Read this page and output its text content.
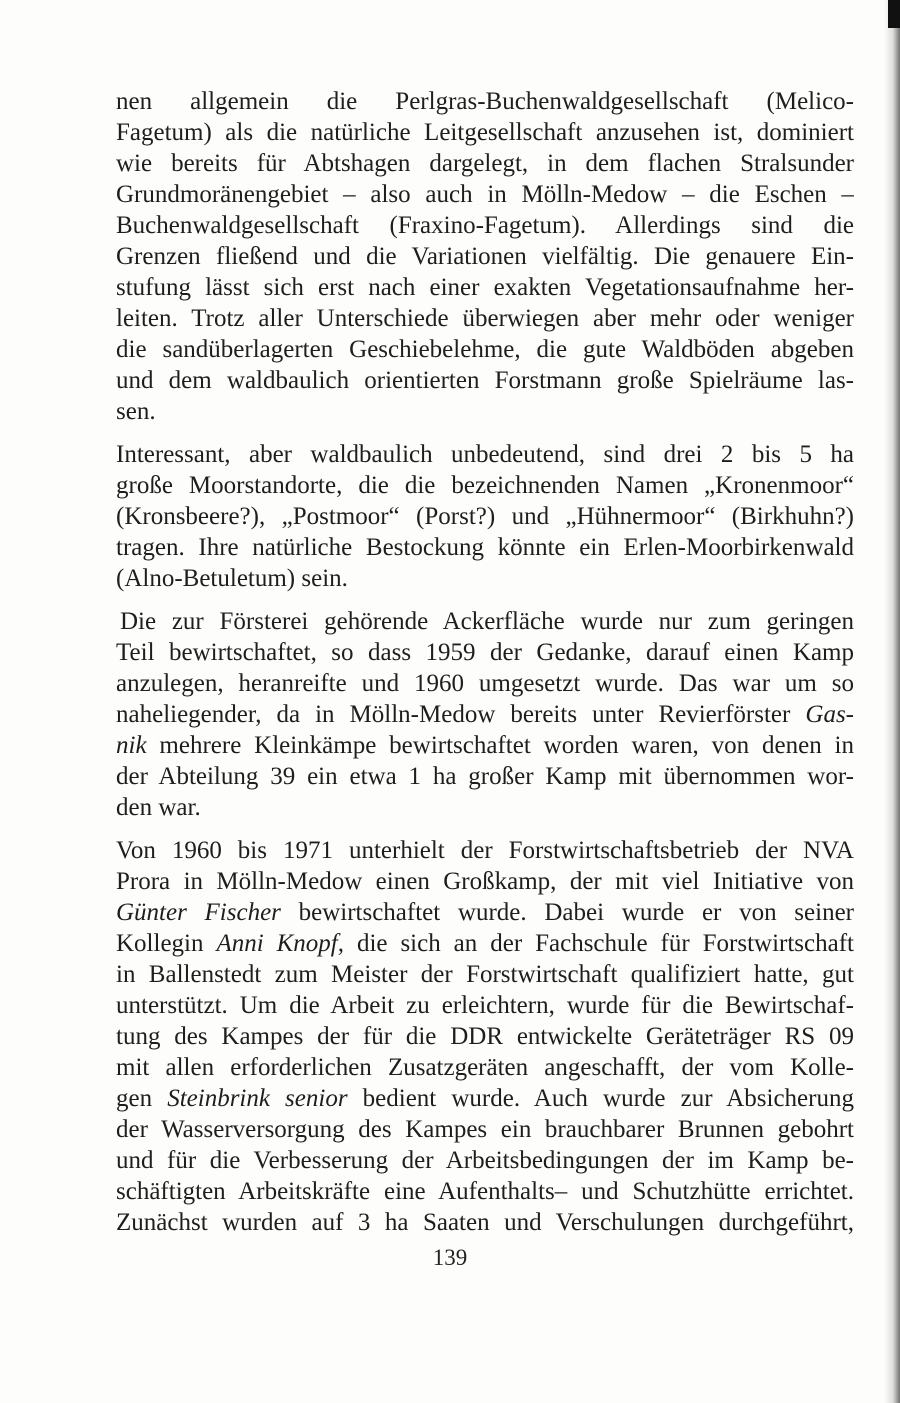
nen allgemein die Perlgras-Buchenwaldgesellschaft (Melico-
Fagetum) als die natürliche Leitgesellschaft anzusehen ist, dominiert
wie bereits für Abtshagen dargelegt, in dem flachen Stralsunder
Grundmoränengebiet – also auch in Mölln-Medow – die Eschen –
Buchenwaldgesellschaft (Fraxino-Fagetum). Allerdings sind die
Grenzen fließend und die Variationen vielfältig. Die genauere Ein-
stufung lässt sich erst nach einer exakten Vegetationsaufnahme her-
leiten. Trotz aller Unterschiede überwiegen aber mehr oder weniger
die sandüberlagerten Geschiebelehme, die gute Waldböden abgeben
und dem waldbaulich orientierten Forstmann große Spielräume las-
sen.

Interessant, aber waldbaulich unbedeutend, sind drei 2 bis 5 ha
große Moorstandorte, die die bezeichnenden Namen „Kronenmoor“
(Kronsbeere?), „Postmoor“ (Porst?) und „Hühnermoor“ (Birkhuhn?)
tragen. Ihre natürliche Bestockung könnte ein Erlen-Moorbirkenwald
(Alno-Betuletum) sein.

Die zur Försterei gehörende Ackerfläche wurde nur zum geringen
Teil bewirtschaftet, so dass 1959 der Gedanke, darauf einen Kamp
anzulegen, heranreifte und 1960 umgesetzt wurde. Das war um so
naheliegender, da in Mölln-Medow bereits unter Revierförster Gas-
nik mehrere Kleinkämpe bewirtschaftet worden waren, von denen in
der Abteilung 39 ein etwa 1 ha großer Kamp mit übernommen wor-
den war.

Von 1960 bis 1971 unterhielt der Forstwirtschaftsbetrieb der NVA
Prora in Mölln-Medow einen Großkamp, der mit viel Initiative von
Günter Fischer bewirtschaftet wurde. Dabei wurde er von seiner
Kollegin Anni Knopf, die sich an der Fachschule für Forstwirtschaft
in Ballenstedt zum Meister der Forstwirtschaft qualifiziert hatte, gut
unterstützt. Um die Arbeit zu erleichtern, wurde für die Bewirtschaf-
tung des Kampes der für die DDR entwickelte Geräteträger RS 09
mit allen erforderlichen Zusatzgeräten angeschafft, der vom Kolle-
gen Steinbrink senior bedient wurde. Auch wurde zur Absicherung
der Wasserversorgung des Kampes ein brauchbarer Brunnen gebohrt
und für die Verbesserung der Arbeitsbedingungen der im Kamp be-
schäftigten Arbeitskräfte eine Aufenthalts– und Schutzhütte errichtet.
Zunächst wurden auf 3 ha Saaten und Verschulungen durchgeführt,

139
